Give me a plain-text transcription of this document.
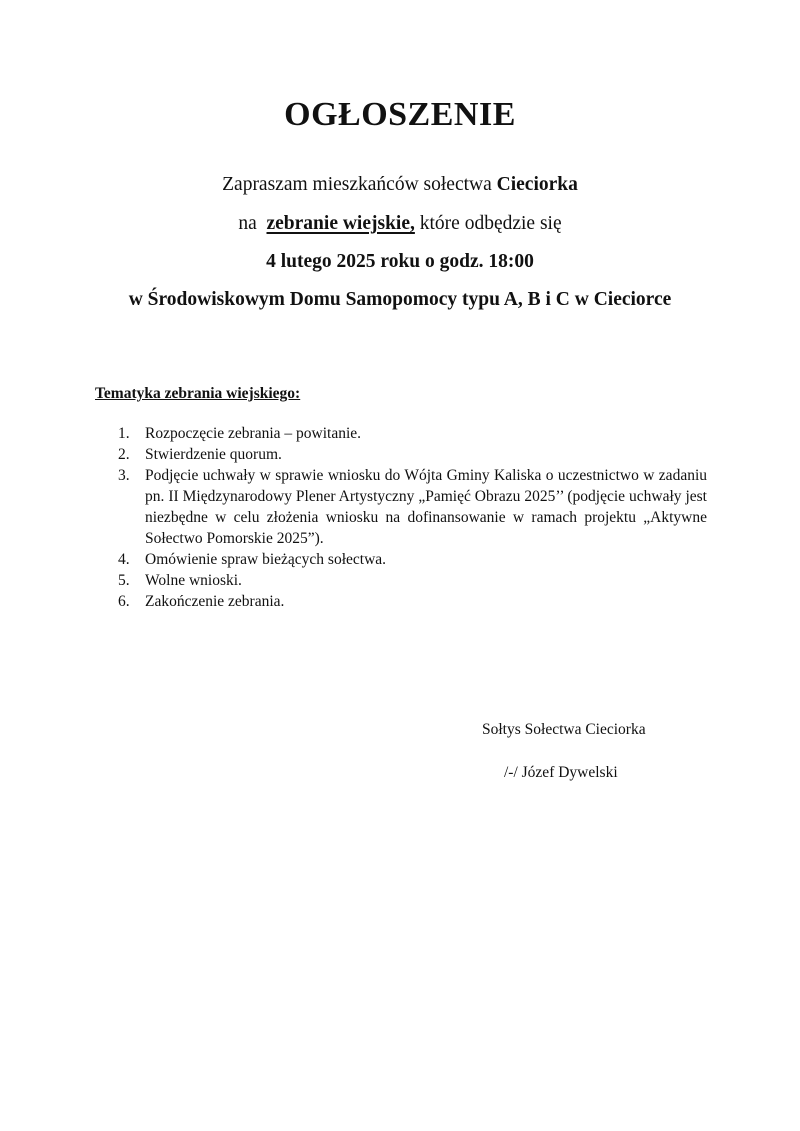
OGŁOSZENIE
Zapraszam mieszkańców sołectwa Cieciorka
na  zebranie wiejskie, które odbędzie się
4 lutego 2025 roku o godz. 18:00
w Środowiskowym Domu Samopomocy typu A, B i C w Cieciorce
Tematyka zebrania wiejskiego:
1. Rozpoczęcie zebrania – powitanie.
2. Stwierdzenie quorum.
3. Podjęcie uchwały w sprawie wniosku do Wójta Gminy Kaliska o uczestnictwo w zadaniu pn. II Międzynarodowy Plener Artystyczny „Pamięć Obrazu 2025’’ (podjęcie uchwały jest niezbędne w celu złożenia wniosku na dofinansowanie w ramach projektu „Aktywne Sołectwo Pomorskie 2025”).
4. Omówienie spraw bieżących sołectwa.
5. Wolne wnioski.
6. Zakończenie zebrania.
Sołtys Sołectwa Cieciorka
/-/ Józef Dywelski
